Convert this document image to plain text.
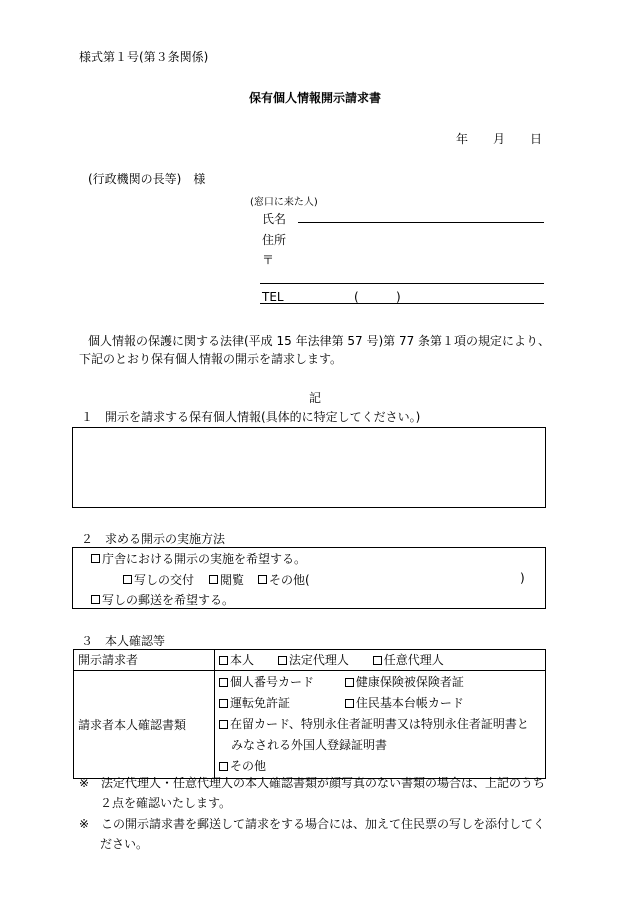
様式第１号(第３条関係)
保有個人情報開示請求書
年 月 日
(行政機関の長等)　様
(窓口に来た人)
氏名
住所
〒
TEL	(	)
個人情報の保護に関する法律(平成 15 年法律第 57 号)第 77 条第１項の規定により、
下記のとおり保有個人情報の開示を請求します。
記
１　開示を請求する保有個人情報(具体的に特定してください。)
２　求める開示の実施方法
庁舎における開示の実施を希望する。
写しの交付	閲覧	その他(	)
写しの郵送を希望する。
３　本人確認等
開示請求者	本人 法定代理人 任意代理人
請求者本人確認書類	個人番号カード 健康保険被保険者証
運転免許証 住民基本台帳カード
在留カード、特別永住者証明書又は特別永住者証明書と
みなされる外国人登録証明書
その他
※　法定代理人・任意代理人の本人確認書類が顔写真のない書類の場合は、上記のうち
２点を確認いたします。
※　この開示請求書を郵送して請求をする場合には、加えて住民票の写しを添付してく
ださい。
